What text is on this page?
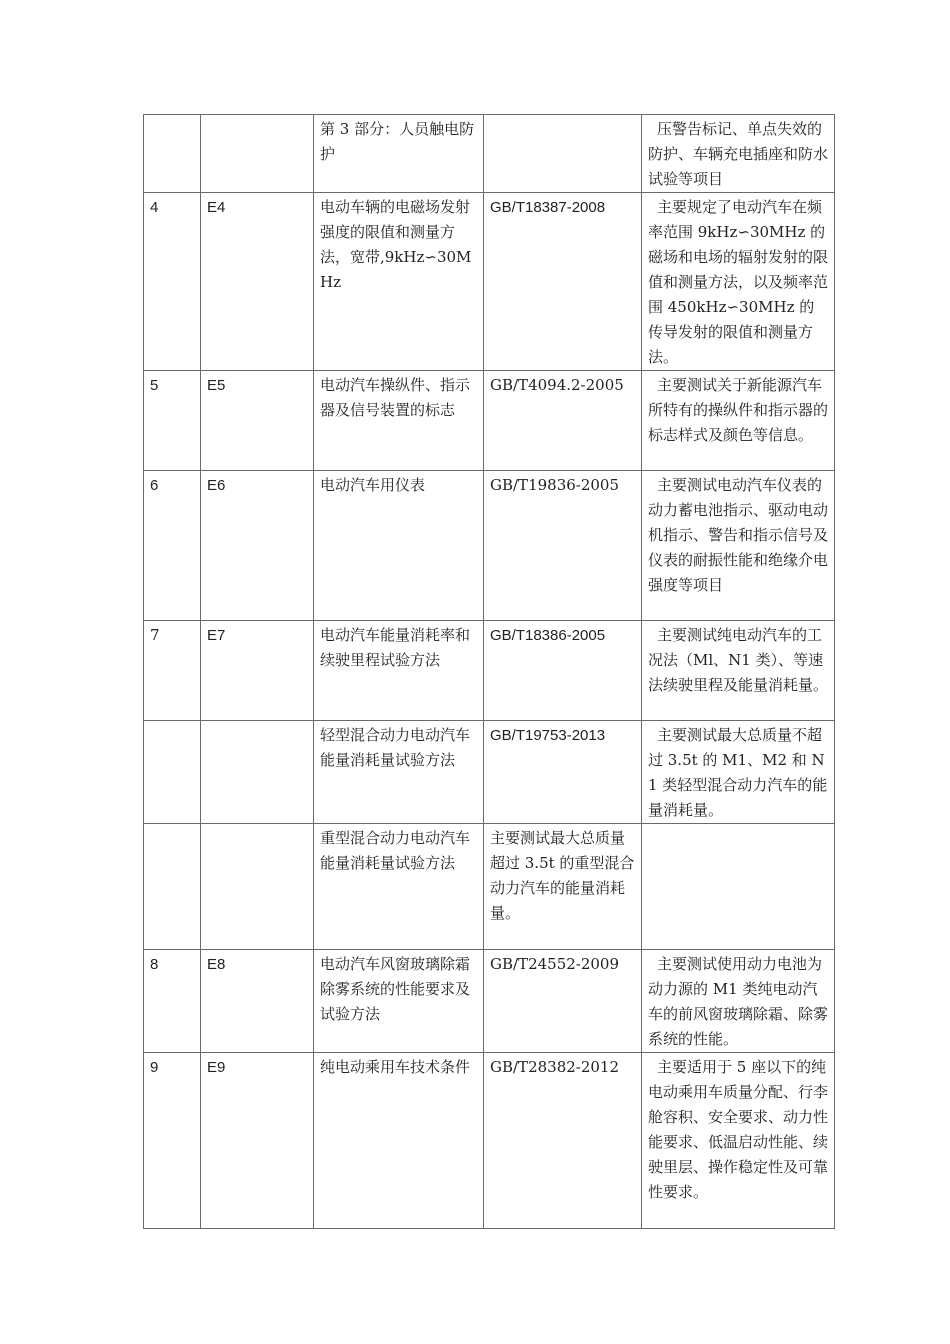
		第 3 部分：人员触电防护		压警告标记、单点失效的防护、车辆充电插座和防水试验等项目
4	E4	电动车辆的电磁场发射强度的限值和测量方法，宽带,9kHz∽30MHz	GB/T18387-2008	主要规定了电动汽车在频率范围 9kHz∽30MHz 的磁场和电场的辐射发射的限值和测量方法，以及频率范围 450kHz∽30MHz 的传导发射的限值和测量方法。
5	E5	电动汽车操纵件、指示器及信号装置的标志	GB/T4094.2-2005	主要测试关于新能源汽车所特有的操纵件和指示器的标志样式及颜色等信息。
6	E6	电动汽车用仪表	GB/T19836-2005	主要测试电动汽车仪表的动力蓄电池指示、驱动电动机指示、警告和指示信号及仪表的耐振性能和绝缘介电强度等项目
7	E7	电动汽车能量消耗率和续驶里程试验方法	GB/T18386-2005	主要测试纯电动汽车的工况法（Ml、N1 类）、等速法续驶里程及能量消耗量。
		轻型混合动力电动汽车能量消耗量试验方法	GB/T19753-2013	主要测试最大总质量不超过 3.5t 的 M1、M2 和 N1 类轻型混合动力汽车的能量消耗量。
		重型混合动力电动汽车能量消耗量试验方法	主要测试最大总质量超过 3.5t 的重型混合动力汽车的能量消耗量。	
8	E8	电动汽车风窗玻璃除霜除雾系统的性能要求及试验方法	GB/T24552-2009	主要测试使用动力电池为动力源的 M1 类纯电动汽车的前风窗玻璃除霜、除雾系统的性能。
9	E9	纯电动乘用车技术条件	GB/T28382-2012	主要适用于 5 座以下的纯电动乘用车质量分配、行李舱容积、安全要求、动力性能要求、低温启动性能、续驶里层、操作稳定性及可靠性要求。
